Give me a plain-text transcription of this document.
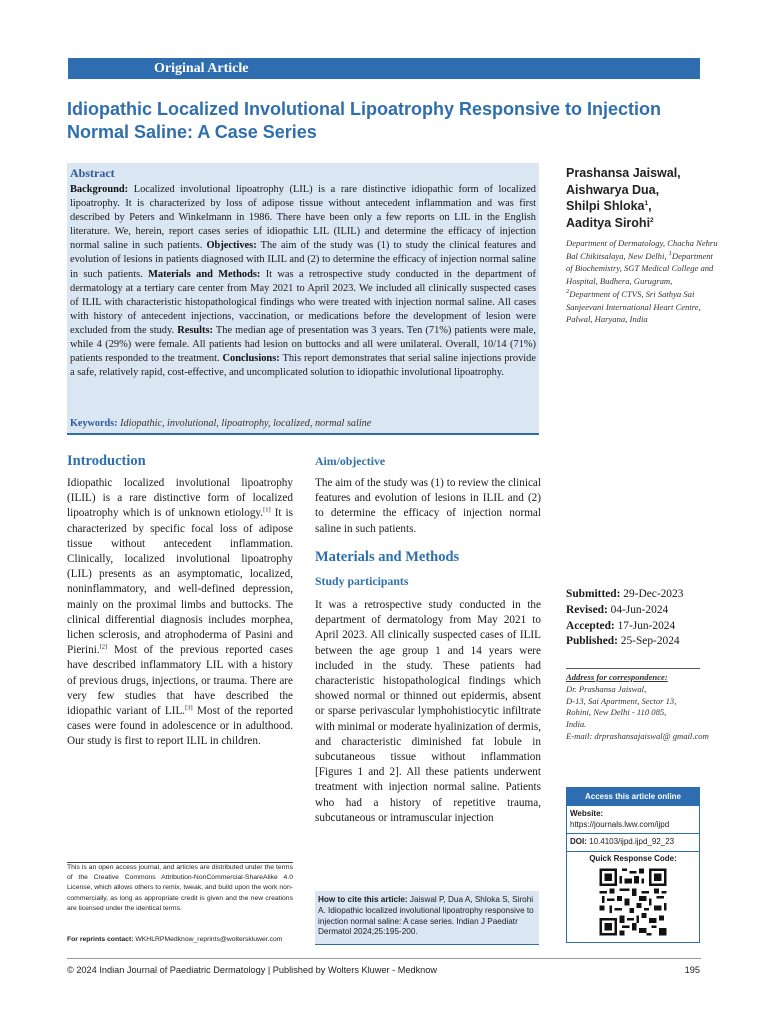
Original Article
Idiopathic Localized Involutional Lipoatrophy Responsive to Injection Normal Saline: A Case Series
Abstract
Background: Localized involutional lipoatrophy (LIL) is a rare distinctive idiopathic form of localized lipoatrophy. It is characterized by loss of adipose tissue without antecedent inflammation and was first described by Peters and Winkelmann in 1986. There have been only a few reports on LIL in the English literature. We, herein, report cases series of idiopathic LIL (ILIL) and determine the efficacy of injection normal saline in such patients. Objectives: The aim of the study was (1) to study the clinical features and evolution of lesions in patients diagnosed with ILIL and (2) to determine the efficacy of injection normal saline in such patients. Materials and Methods: It was a retrospective study conducted in the department of dermatology at a tertiary care center from May 2021 to April 2023. We included all clinically suspected cases of ILIL with characteristic histopathological findings who were treated with injection normal saline. All cases with history of antecedent injections, vaccination, or medications before the development of lesion were excluded from the study. Results: The median age of presentation was 3 years. Ten (71%) patients were male, while 4 (29%) were female. All patients had lesion on buttocks and all were unilateral. Overall, 10/14 (71%) patients responded to the treatment. Conclusions: This report demonstrates that serial saline injections provide a safe, relatively rapid, cost-effective, and uncomplicated solution to idiopathic involutional lipoatrophy.
Keywords: Idiopathic, involutional, lipoatrophy, localized, normal saline
Prashansa Jaiswal,
Aishwarya Dua,
Shilpi Shloka$^1$,
Aaditya Sirohi$^2$
Department of Dermatology, Chacha Nehru Bal Chikitsalaya, New Delhi, $^1$Department of Biochemistry, SGT Medical College and Hospital, Budhera, Gurugram, $^2$Department of CTVS, Sri Sathya Sai Sanjeevani International Heart Centre, Palwal, Haryana, India
Introduction
Idiopathic localized involutional lipoatrophy (ILIL) is a rare distinctive form of localized lipoatrophy which is of unknown etiology.[1] It is characterized by specific focal loss of adipose tissue without antecedent inflammation. Clinically, localized involutional lipoatrophy (LIL) presents as an asymptomatic, localized, noninflammatory, and well-defined depression, mainly on the proximal limbs and buttocks. The clinical differential diagnosis includes morphea, lichen sclerosis, and atrophoderma of Pasini and Pierini.[2] Most of the previous reported cases have described inflammatory LIL with a history of previous drugs, injections, or trauma. There are very few studies that have described the idiopathic variant of LIL.[3] Most of the reported cases were found in adolescence or in adulthood. Our study is first to report ILIL in children.
Aim/objective
The aim of the study was (1) to review the clinical features and evolution of lesions in ILIL and (2) to determine the efficacy of injection normal saline in such patients.
Materials and Methods
Study participants
It was a retrospective study conducted in the department of dermatology from May 2021 to April 2023. All clinically suspected cases of ILIL between the age group 1 and 14 years were included in the study. These patients had characteristic histopathological findings which showed normal or thinned out epidermis, absent or sparse perivascular lymphohistiocytic infiltrate with minimal or moderate hyalinization of dermis, and characteristic diminished fat lobule in subcutaneous tissue without inflammation [Figures 1 and 2]. All these patients underwent treatment with injection normal saline. Patients who had a history of repetitive trauma, subcutaneous or intramuscular injection
Submitted: 29-Dec-2023
Revised: 04-Jun-2024
Accepted: 17-Jun-2024
Published: 25-Sep-2024
Address for correspondence:
Dr. Prashansa Jaiswal,
D-13, Sai Apartment, Sector 13,
Rohini, New Delhi - 110 085,
India.
E-mail: drprashansajaiswal@ gmail.com
Access this article online
Website: https://journals.lww.com/ijpd
DOI: 10.4103/ijpd.ijpd_92_23
Quick Response Code:
This is an open access journal, and articles are distributed under the terms of the Creative Commons Attribution-NonCommercial-ShareAlike 4.0 License, which allows others to remix, tweak, and build upon the work non-commercially, as long as appropriate credit is given and the new creations are licensed under the identical terms.
For reprints contact: WKHLRPMedknow_reprints@wolterskluwer.com
How to cite this article: Jaiswal P, Dua A, Shloka S, Sirohi A. Idiopathic localized involutional lipoatrophy responsive to injection normal saline: A case series. Indian J Paediatr Dermatol 2024;25:195-200.
© 2024 Indian Journal of Paediatric Dermatology | Published by Wolters Kluwer - Medknow	195
